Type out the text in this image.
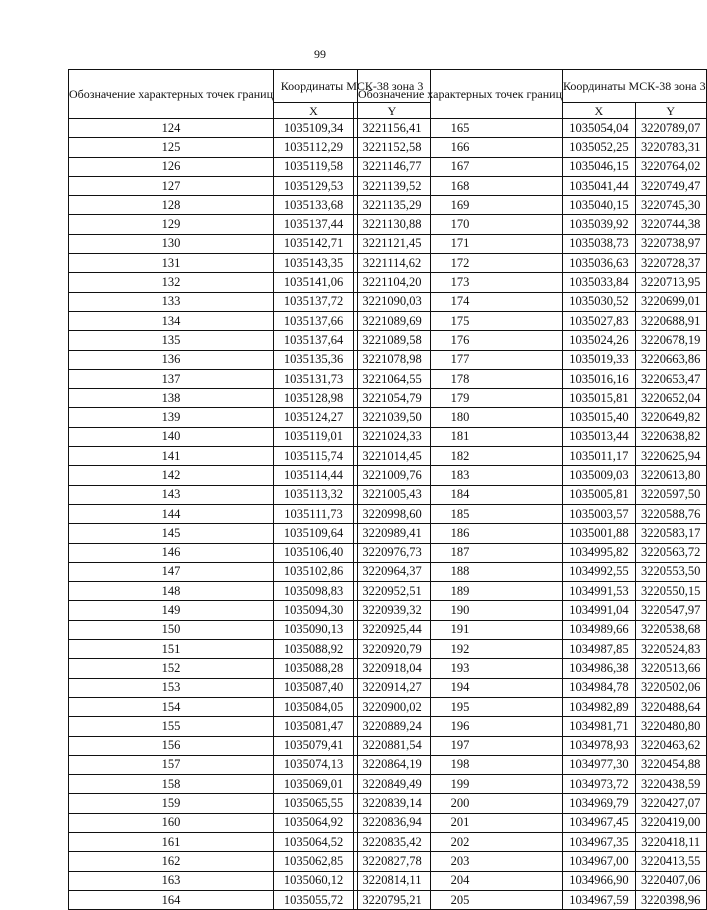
99
Обозначение характерных точек границ	Координаты МСК-38 зона 3	
	X	Y
124	1035109,34	3221156,41
125	1035112,29	3221152,58
126	1035119,58	3221146,77
127	1035129,53	3221139,52
128	1035133,68	3221135,29
129	1035137,44	3221130,88
130	1035142,71	3221121,45
131	1035143,35	3221114,62
132	1035141,06	3221104,20
133	1035137,72	3221090,03
134	1035137,66	3221089,69
135	1035137,64	3221089,58
136	1035135,36	3221078,98
137	1035131,73	3221064,55
138	1035128,98	3221054,79
139	1035124,27	3221039,50
140	1035119,01	3221024,33
141	1035115,74	3221014,45
142	1035114,44	3221009,76
143	1035113,32	3221005,43
144	1035111,73	3220998,60
145	1035109,64	3220989,41
146	1035106,40	3220976,73
147	1035102,86	3220964,37
148	1035098,83	3220952,51
149	1035094,30	3220939,32
150	1035090,13	3220925,44
151	1035088,92	3220920,79
152	1035088,28	3220918,04
153	1035087,40	3220914,27
154	1035084,05	3220900,02
155	1035081,47	3220889,24
156	1035079,41	3220881,54
157	1035074,13	3220864,19
158	1035069,01	3220849,49
159	1035065,55	3220839,14
160	1035064,92	3220836,94
161	1035064,52	3220835,42
162	1035062,85	3220827,78
163	1035060,12	3220814,11
164	1035055,72	3220795,21
Обозначение характерных точек границ	Координаты МСК-38 зона 3	
	X	Y
165	1035054,04	3220789,07
166	1035052,25	3220783,31
167	1035046,15	3220764,02
168	1035041,44	3220749,47
169	1035040,15	3220745,30
170	1035039,92	3220744,38
171	1035038,73	3220738,97
172	1035036,63	3220728,37
173	1035033,84	3220713,95
174	1035030,52	3220699,01
175	1035027,83	3220688,91
176	1035024,26	3220678,19
177	1035019,33	3220663,86
178	1035016,16	3220653,47
179	1035015,81	3220652,04
180	1035015,40	3220649,82
181	1035013,44	3220638,82
182	1035011,17	3220625,94
183	1035009,03	3220613,80
184	1035005,81	3220597,50
185	1035003,57	3220588,76
186	1035001,88	3220583,17
187	1034995,82	3220563,72
188	1034992,55	3220553,50
189	1034991,53	3220550,15
190	1034991,04	3220547,97
191	1034989,66	3220538,68
192	1034987,85	3220524,83
193	1034986,38	3220513,66
194	1034984,78	3220502,06
195	1034982,89	3220488,64
196	1034981,71	3220480,80
197	1034978,93	3220463,62
198	1034977,30	3220454,88
199	1034973,72	3220438,59
200	1034969,79	3220427,07
201	1034967,45	3220419,00
202	1034967,35	3220418,11
203	1034967,00	3220413,55
204	1034966,90	3220407,06
205	1034967,59	3220398,96
